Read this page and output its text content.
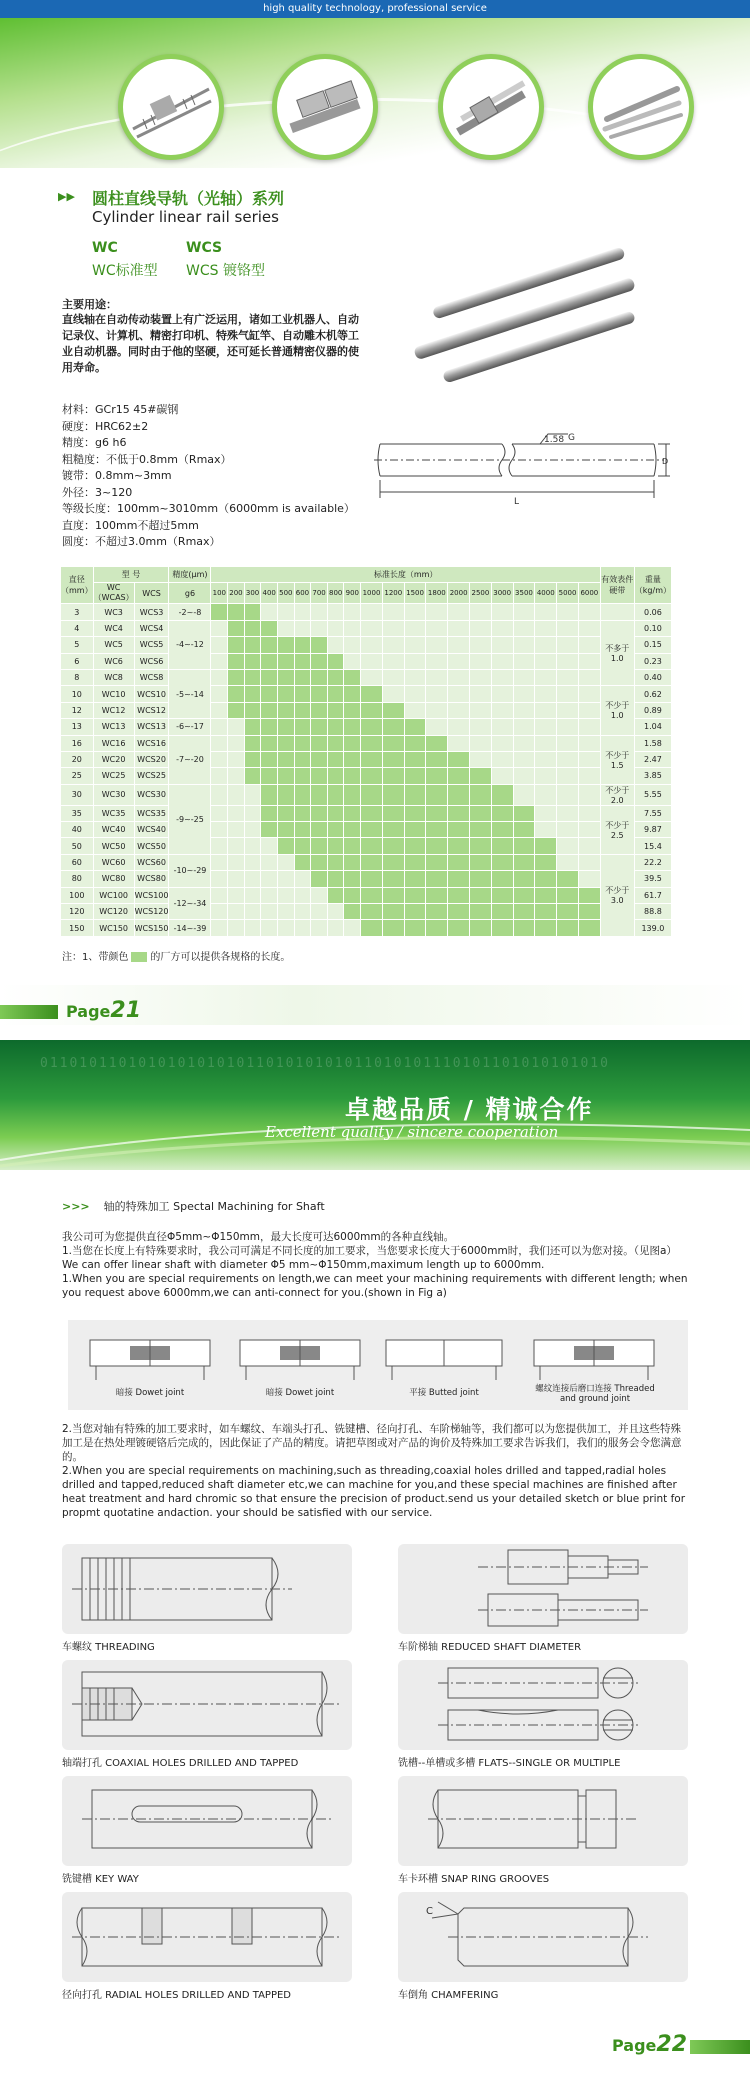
high quality technology, professional service
▶▶ 圆柱直线导轨（光轴）系列
Cylinder linear rail series
WC	WCS
WC标准型 WCS 镀铬型
主要用途：
直线轴在自动传动装置上有广泛运用，诸如工业机器人、自动记录仪、计算机、精密打印机、特殊气缸竿、自动雕木机等工业自动机器。同时由于他的坚硬，还可延长普通精密仪器的使用寿命。
材料：GCr15 45#碳钢
硬度：HRC62±2
精度：g6 h6
粗糙度：不低于0.8mm（Rmax）
镀带：0.8mm~3mm
外径：3~120
等级长度：100mm~3010mm（6000mm is available）
直度：100mm不超过5mm
圆度：不超过3.0mm（Rmax）
1.58 G
L
D
直径（mm）	型 号		精度(μm)	标准长度（mm）																				有效表件硬带	重量（kg/m）
	WC（WCAS）	WCS	g6	100	200	300	400	500	600	700	800	900	1000	1200	1500	1800	2000	2500	3000	3500	4000	5000	6000		
3	WC3	WCS3	-2~-8																						0.06
4	WC4	WCS4	-4~-12																					不多于 1.0	0.10
5	WC5	WCS5																							0.15
6	WC6	WCS6																							0.23
8	WC8	WCS8	-5~-14																						0.40
10	WC10	WCS10																						不少于 1.0	0.62
12	WC12	WCS12																							0.89
13	WC13	WCS13	-6~-17																						1.04
16	WC16	WCS16	-7~-20																					不少于 1.5	1.58
20	WC20	WCS20																							2.47
25	WC25	WCS25																							3.85
30	WC30	WCS30	-9~-25																					不少于 2.0	5.55
35	WC35	WCS35																						不少于 2.5	7.55
40	WC40	WCS40																							9.87
50	WC50	WCS50																							15.4
60	WC60	WCS60	-10~-29																					不少于 3.0	22.2
80	WC80	WCS80																							39.5
100	WC100	WCS100	-12~-34																						61.7
120	WC120	WCS120																							88.8
150	WC150	WCS150	-14~-39																						139.0
注：1、带颜色 的厂方可以提供各规格的长度。
Page21
0110101101010101010101101010101011010101110101101010101010
卓越品质 / 精诚合作
Excellent quality / sincere cooperation
>>> 轴的特殊加工 Spectal Machining for Shaft
我公司可为您提供直径Φ5mm~Φ150mm，最大长度可达6000mm的各种直线轴。
1.当您在长度上有特殊要求时，我公司可满足不同长度的加工要求，当您要求长度大于6000mm时，我们还可以为您对接。（见图a）
We can offer linear shaft with diameter Φ5 mm~Φ150mm,maximum length up to 6000mm.
1.When you are special requirements on length,we can meet your machining requirements with different length; when you request above 6000mm,we can anti-connect for you.(shown in Fig a)
暗接 Dowet joint	暗接 Dowet joint	平接 Butted joint	螺纹连接后磨口连接 Threaded and ground joint
2.当您对轴有特殊的加工要求时，如车螺纹、车端头打孔、铣键槽、径向打孔、车阶梯轴等，我们都可以为您提供加工，并且这些特殊加工是在热处理镀硬铬后完成的，因此保证了产品的精度。请把草图或对产品的询价及特殊加工要求告诉我们，我们的服务会令您满意的。
2.When you are special requirements on machining,such as threading,coaxial holes drilled and tapped,radial holes drilled and tapped,reduced shaft diameter etc,we can machine for you,and these special machines are finished after heat treatment and hard chromic so that ensure the precision of product.send us your detailed sketch or blue print for propmt quotatine andaction. your should be satisfied with our service.
车螺纹 THREADING	车阶梯轴 REDUCED SHAFT DIAMETER
轴端打孔 COAXIAL HOLES DRILLED AND TAPPED	铣槽--单槽或多槽 FLATS--SINGLE OR MULTIPLE
铣键槽 KEY WAY	车卡环槽 SNAP RING GROOVES
径向打孔 RADIAL HOLES DRILLED AND TAPPED
C
车倒角 CHAMFERING
Page22
